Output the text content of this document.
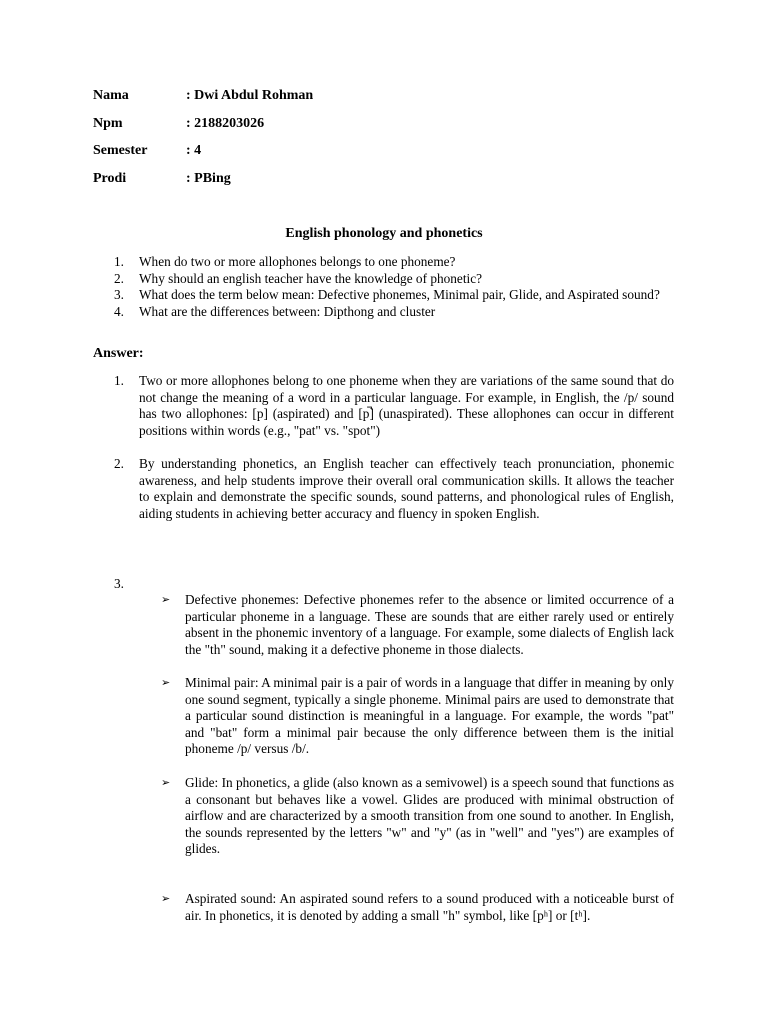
Nama	: Dwi Abdul Rohman
Npm	: 2188203026
Semester	: 4
Prodi	: PBing
English phonology and phonetics
1.	When do two or more allophones belongs to one phoneme?
2.	Why should an english teacher have the knowledge of phonetic?
3.	What does the term below mean: Defective phonemes, Minimal pair, Glide, and Aspirated sound?
4.	What are the differences between: Dipthong and cluster
Answer:
1.	Two or more allophones belong to one phoneme when they are variations of the same sound that do not change the meaning of a word in a particular language. For example, in English, the /p/ sound has two allophones: [p] (aspirated) and [p̚] (unaspirated). These allophones can occur in different positions within words (e.g., "pat" vs. "spot")
2.	By understanding phonetics, an English teacher can effectively teach pronunciation, phonemic awareness, and help students improve their overall oral communication skills. It allows the teacher to explain and demonstrate the specific sounds, sound patterns, and phonological rules of English, aiding students in achieving better accuracy and fluency in spoken English.
3.
➢	Defective phonemes: Defective phonemes refer to the absence or limited occurrence of a particular phoneme in a language. These are sounds that are either rarely used or entirely absent in the phonemic inventory of a language. For example, some dialects of English lack the "th" sound, making it a defective phoneme in those dialects.
➢	Minimal pair: A minimal pair is a pair of words in a language that differ in meaning by only one sound segment, typically a single phoneme. Minimal pairs are used to demonstrate that a particular sound distinction is meaningful in a language. For example, the words "pat" and "bat" form a minimal pair because the only difference between them is the initial phoneme /p/ versus /b/.
➢	Glide: In phonetics, a glide (also known as a semivowel) is a speech sound that functions as a consonant but behaves like a vowel. Glides are produced with minimal obstruction of airflow and are characterized by a smooth transition from one sound to another. In English, the sounds represented by the letters "w" and "y" (as in "well" and "yes") are examples of glides.
➢	Aspirated sound: An aspirated sound refers to a sound produced with a noticeable burst of air. In phonetics, it is denoted by adding a small "h" symbol, like [pʰ] or [tʰ].
